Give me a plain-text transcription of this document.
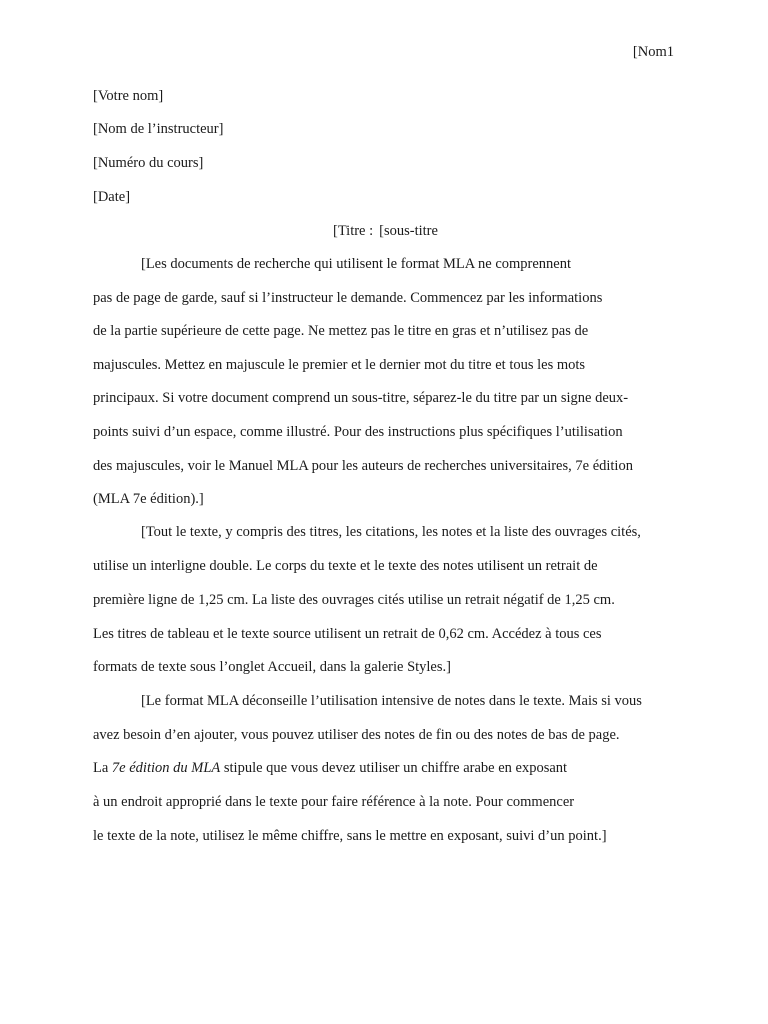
[Nom1
[Votre nom]
[Nom de l’instructeur]
[Numéro du cours]
[Date]
[Titre : [sous-titre
[Les documents de recherche qui utilisent le format MLA ne comprennent
pas de page de garde, sauf si l’instructeur le demande. Commencez par les informations
de la partie supérieure de cette page. Ne mettez pas le titre en gras et n’utilisez pas de
majuscules. Mettez en majuscule le premier et le dernier mot du titre et tous les mots
principaux. Si votre document comprend un sous-titre, séparez-le du titre par un signe deux-
points suivi d’un espace, comme illustré. Pour des instructions plus spécifiques l’utilisation
des majuscules, voir le Manuel MLA pour les auteurs de recherches universitaires, 7e édition
(MLA 7e édition).]
[Tout le texte, y compris des titres, les citations, les notes et la liste des ouvrages cités,
utilise un interligne double. Le corps du texte et le texte des notes utilisent un retrait de
première ligne de 1,25 cm. La liste des ouvrages cités utilise un retrait négatif de 1,25 cm.
Les titres de tableau et le texte source utilisent un retrait de 0,62 cm. Accédez à tous ces
formats de texte sous l’onglet Accueil, dans la galerie Styles.]
[Le format MLA déconseille l’utilisation intensive de notes dans le texte. Mais si vous
avez besoin d’en ajouter, vous pouvez utiliser des notes de fin ou des notes de bas de page.
La 7e édition du MLA stipule que vous devez utiliser un chiffre arabe en exposant
à un endroit approprié dans le texte pour faire référence à la note. Pour commencer
le texte de la note, utilisez le même chiffre, sans le mettre en exposant, suivi d’un point.]
